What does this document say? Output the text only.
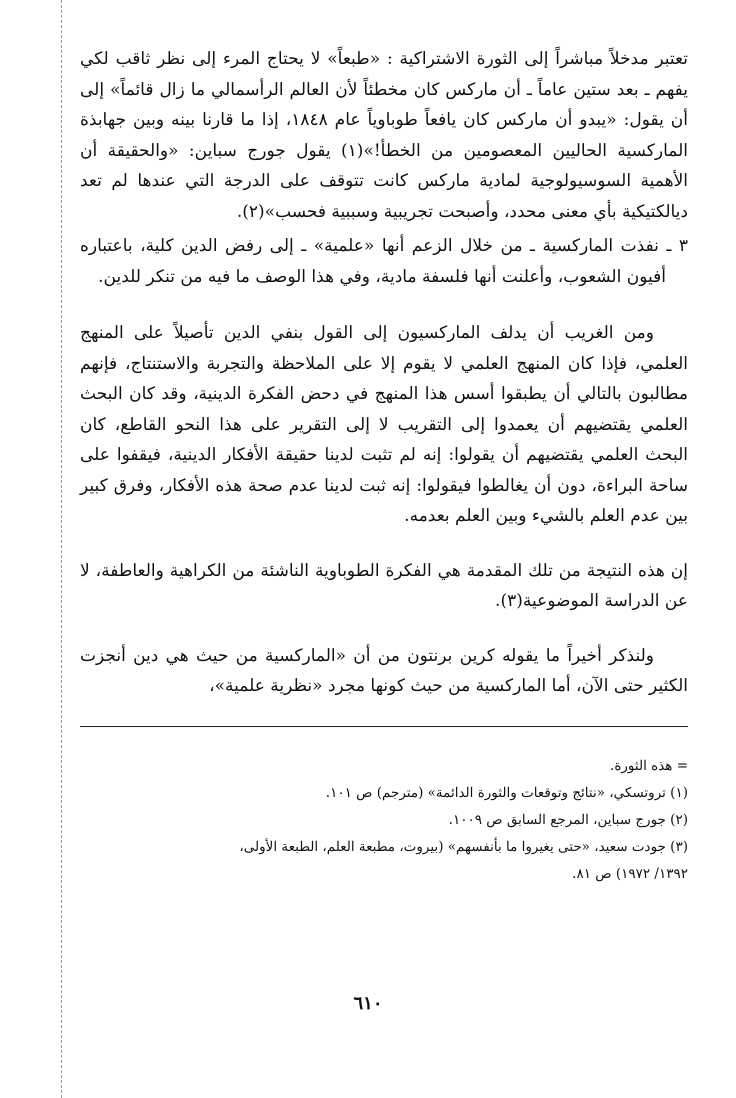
تعتبر مدخلاً مباشراً إلى الثورة الاشتراكية : «طبعاً» لا يحتاج المرء إلى نظر ثاقب لكي يفهم ـ بعد ستين عاماً ـ أن ماركس كان مخطئاً لأن العالم الرأسمالي ما زال قائماً» إلى أن يقول: «يبدو أن ماركس كان يافعاً طوباوياً عام ١٨٤٨، إذا ما قارنا بينه وبين جهابذة الماركسية الحاليين المعصومين من الخطأ!»(١) يقول جورج سباين: «والحقيقة أن الأهمية السوسيولوجية لمادية ماركس كانت تتوقف على الدرجة التي عندها لم تعد ديالكتيكية بأي معنى محدد، وأصبحت تجريبية وسببية فحسب»(٢).

٣ ـ نفذت الماركسية ـ من خلال الزعم أنها «علمية» ـ إلى رفض الدين كلية، باعتباره أفيون الشعوب، وأعلنت أنها فلسفة مادية، وفي هذا الوصف ما فيه من تنكر للدين.

ومن الغريب أن يدلف الماركسيون إلى القول بنفي الدين تأصيلاً على المنهج العلمي، فإذا كان المنهج العلمي لا يقوم إلا على الملاحظة والتجربة والاستنتاج، فإنهم مطالبون بالتالي أن يطبقوا أسس هذا المنهج في دحض الفكرة الدينية، وقد كان البحث العلمي يقتضيهم أن يعمدوا إلى التقريب لا إلى التقرير على هذا النحو القاطع، كان البحث العلمي يقتضيهم أن يقولوا: إنه لم تثبت لدينا حقيقة الأفكار الدينية، فيقفوا على ساحة البراءة، دون أن يغالطوا فيقولوا: إنه ثبت لدينا عدم صحة هذه الأفكار، وفرق كبير بين عدم العلم بالشيء وبين العلم بعدمه.

إن هذه النتيجة من تلك المقدمة هي الفكرة الطوباوية الناشئة من الكراهية والعاطفة، لا عن الدراسة الموضوعية(٣).

ولنذكر أخيراً ما يقوله كرين برنتون من أن «الماركسية من حيث هي دين أنجزت الكثير حتى الآن، أما الماركسية من حيث كونها مجرد «نظرية علمية»،

= هذه الثورة.

(١) تروتسكي، «نتائج وتوقعات والثورة الدائمة» (مترجم) ص ١٠١.

(٢) جورج سباين، المرجع السابق ص ١٠٠٩.

(٣) جودت سعيد، «حتى يغيروا ما بأنفسهم» (بيروت، مطبعة العلم، الطبعة الأولى،

١٣٩٢/ ١٩٧٢) ص ٨١.

٦١٠
